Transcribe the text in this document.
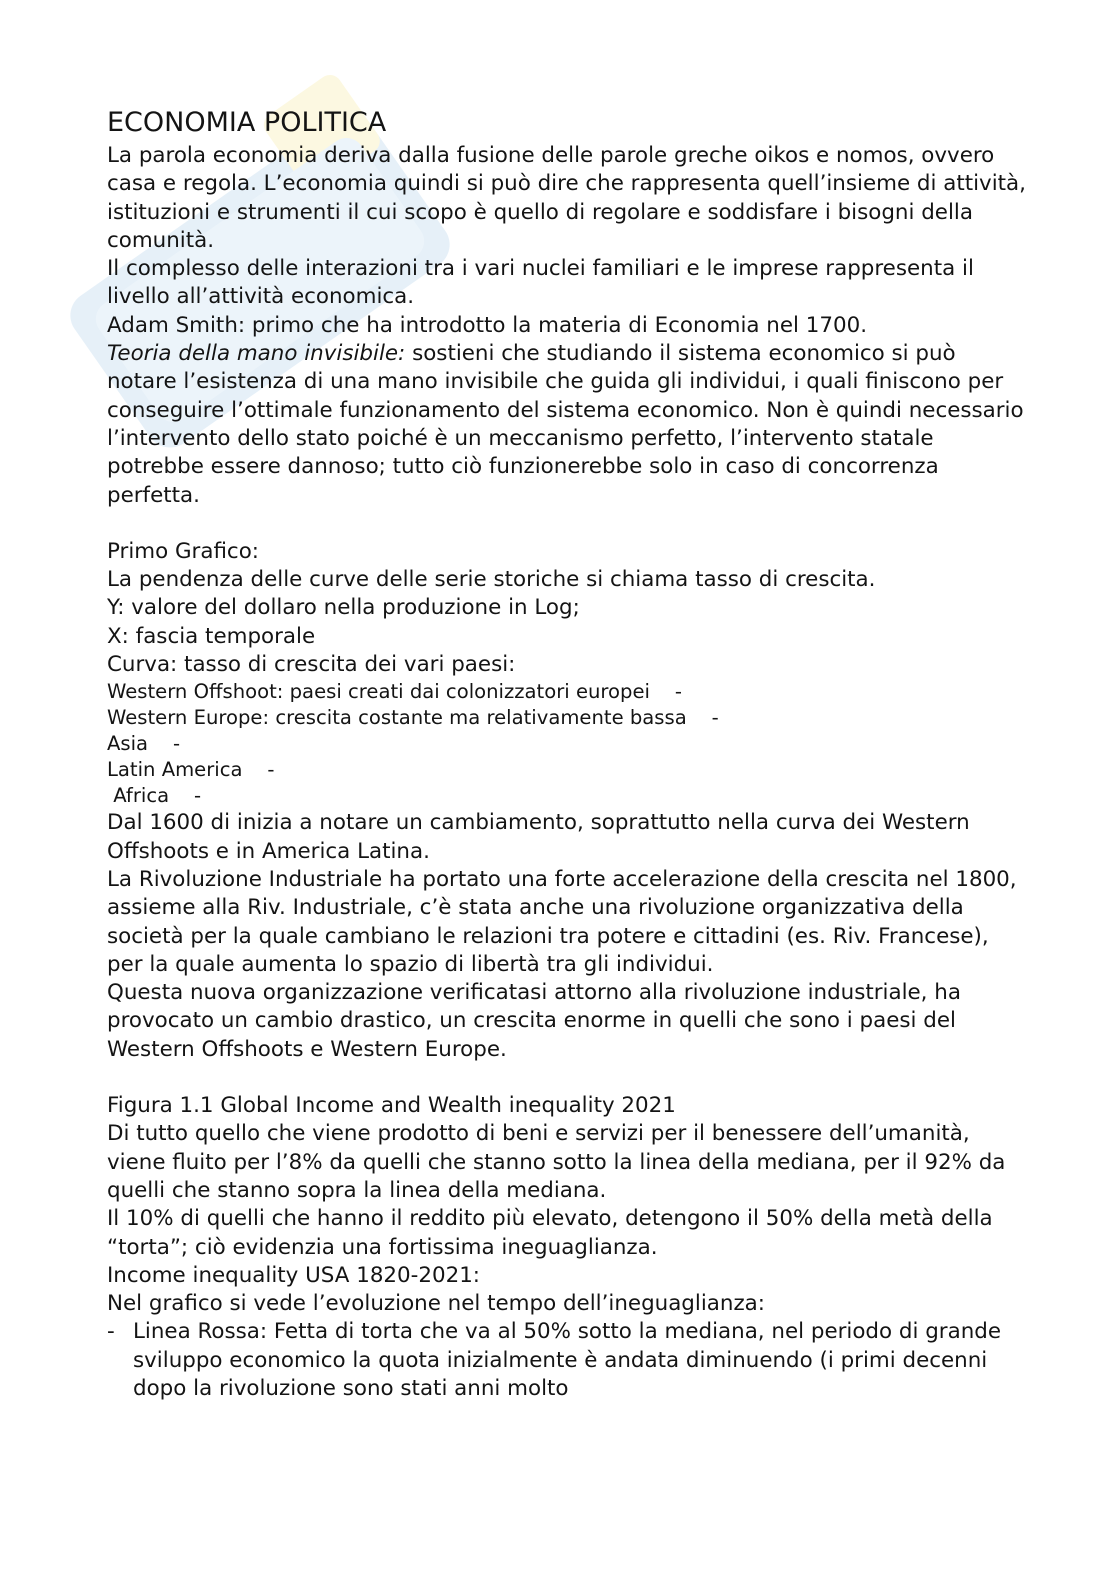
ECONOMIA POLITICA

La parola economia deriva dalla fusione delle parole greche oikos e nomos, ovvero casa e regola. L’economia quindi si può dire che rappresenta quell’insieme di attività, istituzioni e strumenti il cui scopo è quello di regolare e soddisfare i bisogni della comunità.

Il complesso delle interazioni tra i vari nuclei familiari e le imprese rappresenta il livello all’attività economica.

Adam Smith: primo che ha introdotto la materia di Economia nel 1700.

Teoria della mano invisibile: sostieni che studiando il sistema economico si può notare l’esistenza di una mano invisibile che guida gli individui, i quali finiscono per conseguire l’ottimale funzionamento del sistema economico. Non è quindi necessario l’intervento dello stato poiché è un meccanismo perfetto, l’intervento statale potrebbe essere dannoso; tutto ciò funzionerebbe solo in caso di concorrenza perfetta.

Primo Grafico:

La pendenza delle curve delle serie storiche si chiama tasso di crescita.

Y: valore del dollaro nella produzione in Log;

X: fascia temporale

Curva: tasso di crescita dei vari paesi:

Western Offshoot: paesi creati dai colonizzatori europei    -

Western Europe: crescita costante ma relativamente bassa    -

Asia    -

Latin America    -

Africa    -

Dal 1600 di inizia a notare un cambiamento, soprattutto nella curva dei Western Offshoots e in America Latina.

La Rivoluzione Industriale ha portato una forte accelerazione della crescita nel 1800, assieme alla Riv. Industriale, c’è stata anche una rivoluzione organizzativa della società per la quale cambiano le relazioni tra potere e cittadini (es. Riv. Francese), per la quale aumenta lo spazio di libertà tra gli individui.

Questa nuova organizzazione verificatasi attorno alla rivoluzione industriale, ha provocato un cambio drastico, un crescita enorme in quelli che sono i paesi del Western Offshoots e Western Europe.

Figura 1.1 Global Income and Wealth inequality 2021

Di tutto quello che viene prodotto di beni e servizi per il benessere dell’umanità, viene fluito per l’8% da quelli che stanno sotto la linea della mediana, per il 92% da quelli che stanno sopra la linea della mediana.

Il 10% di quelli che hanno il reddito più elevato, detengono il 50% della metà della “torta”; ciò evidenzia una fortissima ineguaglianza.

Income inequality USA 1820-2021:

Nel grafico si vede l’evoluzione nel tempo dell’ineguaglianza:

- Linea Rossa: Fetta di torta che va al 50% sotto la mediana, nel periodo di grande sviluppo economico la quota inizialmente è andata diminuendo (i primi decenni dopo la rivoluzione sono stati anni molto
